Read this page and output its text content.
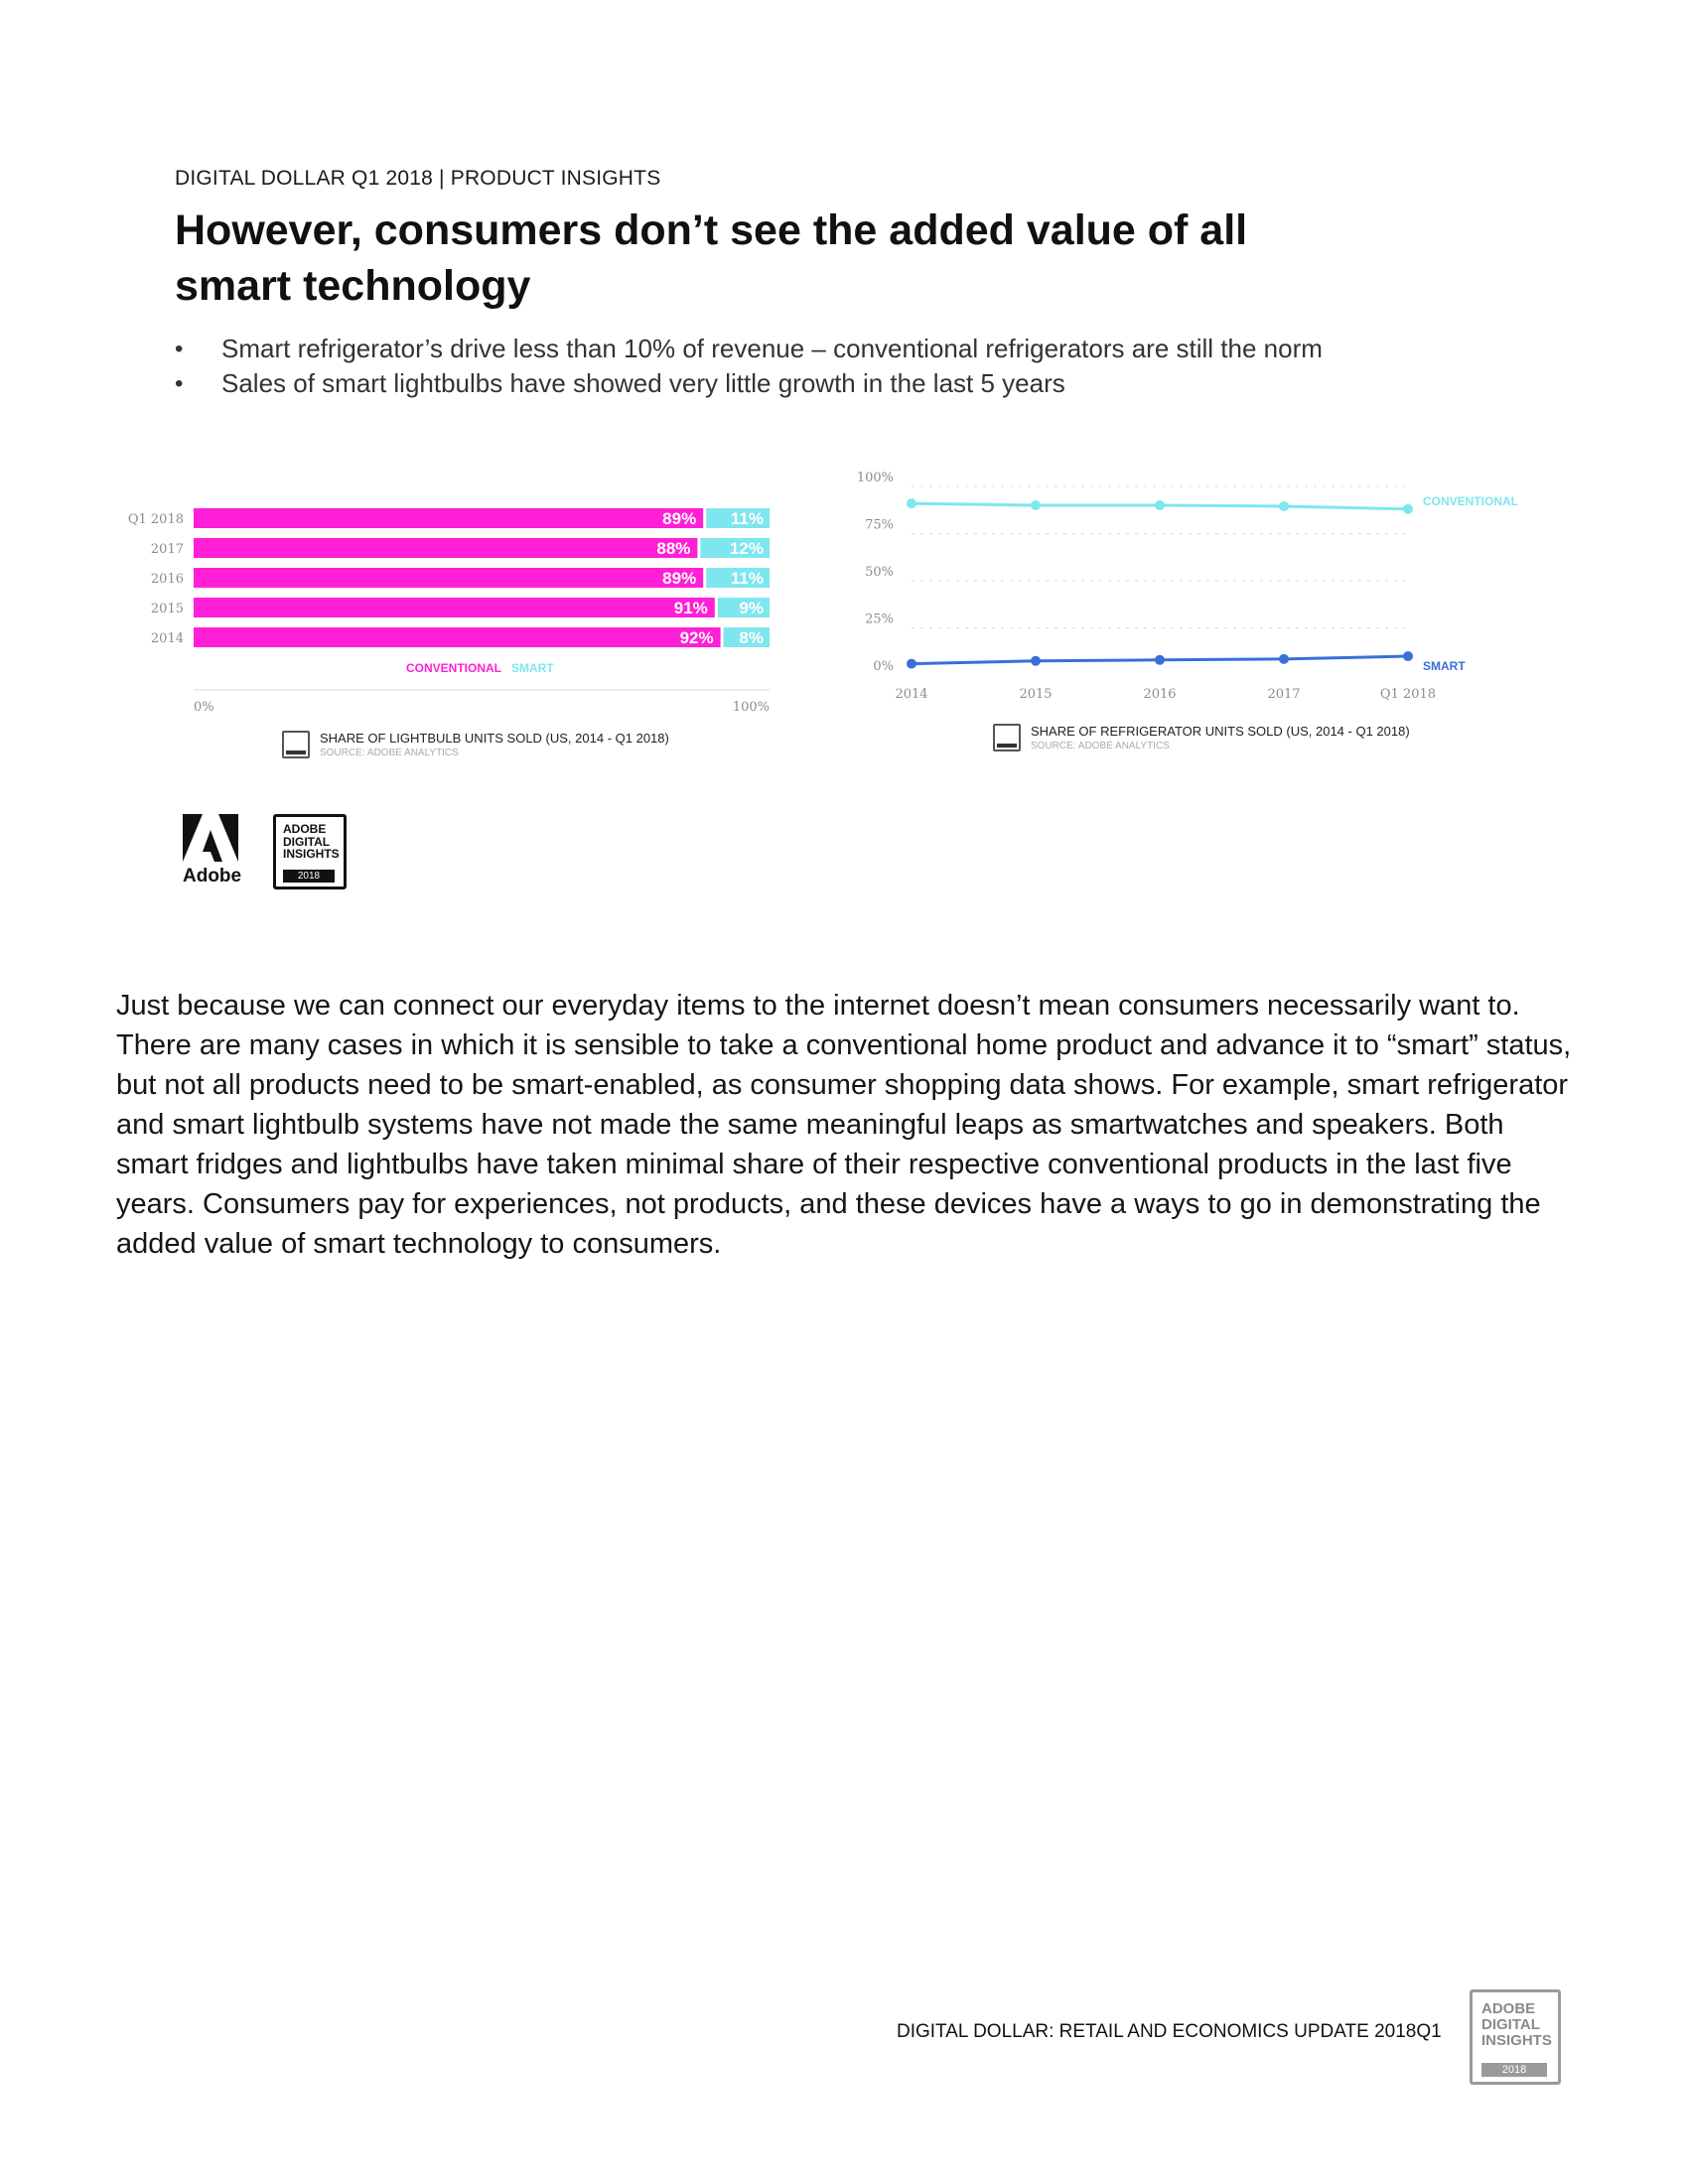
DIGITAL DOLLAR Q1 2018 | PRODUCT INSIGHTS
However, consumers don’t see the added value of all smart technology
•	Smart refrigerator’s drive less than 10% of revenue – conventional refrigerators are still the norm
•	Sales of smart lightbulbs have showed very little growth in the last 5 years
Q1 2018	89% 11%
2017	88% 12%
2016	89% 11%
2015	91% 9%
2014	92% 8%
CONVENTIONAL SMART
0%	100%
SHARE OF LIGHTBULB UNITS SOLD (US, 2014 - Q1 2018)
SOURCE: ADOBE ANALYTICS
0%
25%
50%
75%
100%
2014	2015	2016	2017	Q1 2018
CONVENTIONAL
SMART
SHARE OF REFRIGERATOR UNITS SOLD (US, 2014 - Q1 2018)
SOURCE: ADOBE ANALYTICS
Adobe
ADOBE
DIGITAL
INSIGHTS
2018
Just because we can connect our everyday items to the internet doesn’t mean consumers necessarily want to. There are many cases in which it is sensible to take a conventional home product and advance it to “smart” status, but not all products need to be smart-enabled, as consumer shopping data shows. For example, smart refrigerator and smart lightbulb systems have not made the same meaningful leaps as smartwatches and speakers. Both smart fridges and lightbulbs have taken minimal share of their respective conventional products in the last five years. Consumers pay for experiences, not products, and these devices have a ways to go in demonstrating the added value of smart technology to consumers.
DIGITAL DOLLAR: RETAIL AND ECONOMICS UPDATE 2018Q1
ADOBE
DIGITAL
INSIGHTS
2018
